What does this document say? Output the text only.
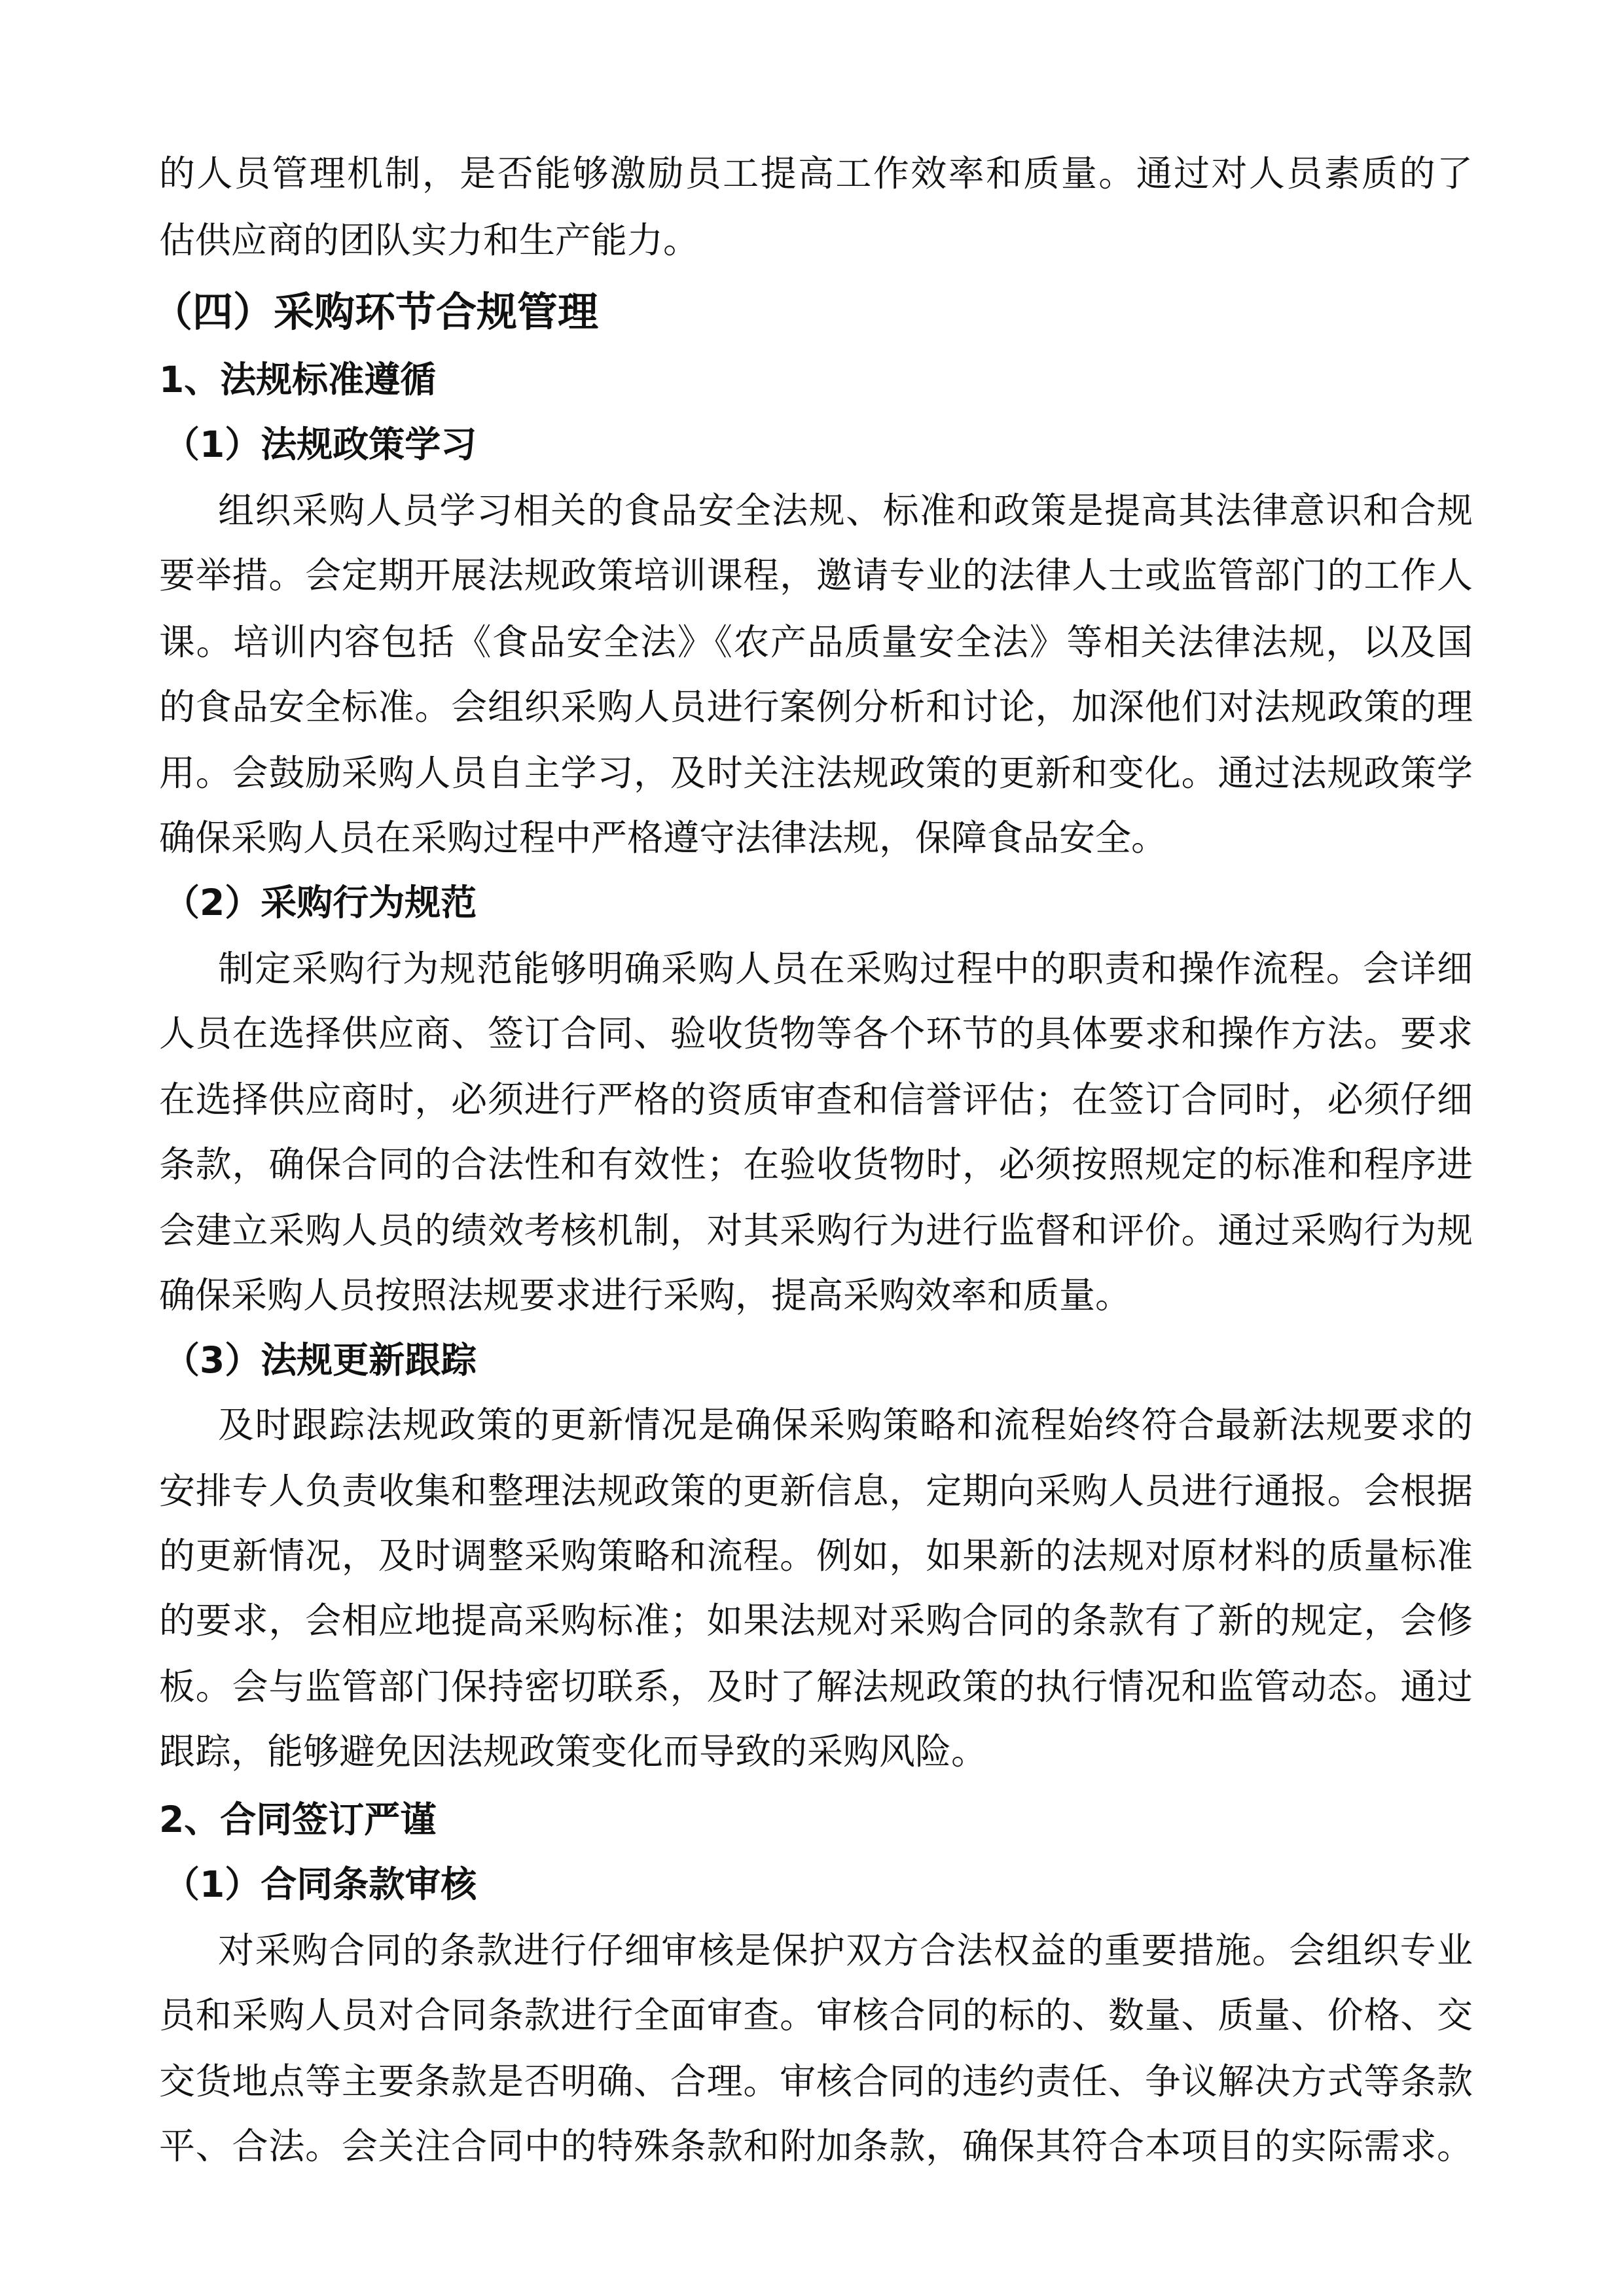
的人员管理机制，是否能够激励员工提高工作效率和质量。通过对人员素质的了
估供应商的团队实力和生产能力。
（四）采购环节合规管理
1、法规标准遵循
（1）法规政策学习
组织采购人员学习相关的食品安全法规、标准和政策是提高其法律意识和合规
要举措。会定期开展法规政策培训课程，邀请专业的法律人士或监管部门的工作人
课。培训内容包括《食品安全法》《农产品质量安全法》等相关法律法规，以及国
的食品安全标准。会组织采购人员进行案例分析和讨论，加深他们对法规政策的理
用。会鼓励采购人员自主学习，及时关注法规政策的更新和变化。通过法规政策学
确保采购人员在采购过程中严格遵守法律法规，保障食品安全。
（2）采购行为规范
制定采购行为规范能够明确采购人员在采购过程中的职责和操作流程。会详细
人员在选择供应商、签订合同、验收货物等各个环节的具体要求和操作方法。要求
在选择供应商时，必须进行严格的资质审查和信誉评估；在签订合同时，必须仔细
条款，确保合同的合法性和有效性；在验收货物时，必须按照规定的标准和程序进
会建立采购人员的绩效考核机制，对其采购行为进行监督和评价。通过采购行为规
确保采购人员按照法规要求进行采购，提高采购效率和质量。
（3）法规更新跟踪
及时跟踪法规政策的更新情况是确保采购策略和流程始终符合最新法规要求的
安排专人负责收集和整理法规政策的更新信息，定期向采购人员进行通报。会根据
的更新情况，及时调整采购策略和流程。例如，如果新的法规对原材料的质量标准
的要求，会相应地提高采购标准；如果法规对采购合同的条款有了新的规定，会修
板。会与监管部门保持密切联系，及时了解法规政策的执行情况和监管动态。通过
跟踪，能够避免因法规政策变化而导致的采购风险。
2、合同签订严谨
（1）合同条款审核
对采购合同的条款进行仔细审核是保护双方合法权益的重要措施。会组织专业
员和采购人员对合同条款进行全面审查。审核合同的标的、数量、质量、价格、交
交货地点等主要条款是否明确、合理。审核合同的违约责任、争议解决方式等条款
平、合法。会关注合同中的特殊条款和附加条款，确保其符合本项目的实际需求。
